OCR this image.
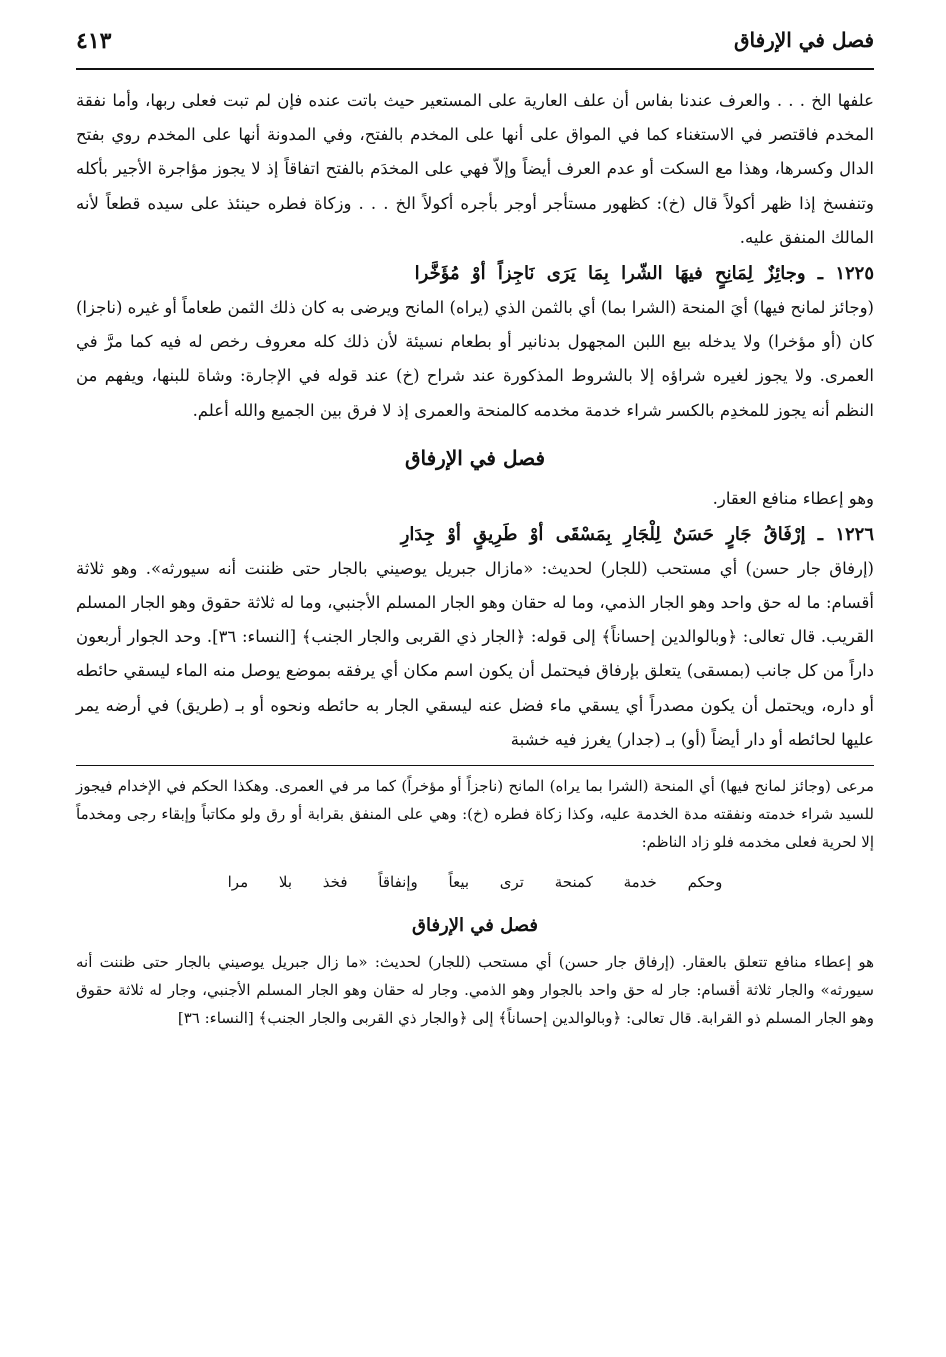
فصل في الإرفاق
٤١٣

علفها الخ . . . والعرف عندنا بفاس أن علف العارية على المستعير حيث باتت عنده فإن لم تبت فعلى ربها، وأما نفقة المخدم فاقتصر في الاستغناء كما في المواق على أنها على المخدم بالفتح، وفي المدونة أنها على المخدم روي بفتح الدال وكسرها، وهذا مع السكت أو عدم العرف أيضاً وإلاّ فهي على المخدَم بالفتح اتفاقاً إذ لا يجوز مؤاجرة الأجير بأكله وتنفسخ إذا ظهر أكولاً قال (خ): كظهور مستأجر أوجر بأجره أكولاً الخ . . . وزكاة فطره حينئذ على سيده قطعاً لأنه المالك المنفق عليه.

١٢٢٥ ـ وجائِزٌ لِمَانِحٍ فيهَا الشّرا بِمَا يَرَى نَاجِزاً أوْ مُؤَخَّرا

(وجائز لمانح فيها) أيَ المنحة (الشرا بما) أي بالثمن الذي (يراه) المانح ويرضى به كان ذلك الثمن طعاماً أو غيره (ناجزا) كان (أو مؤخرا) ولا يدخله بيع اللبن المجهول بدنانير أو بطعام نسيئة لأن ذلك كله معروف رخص له فيه كما مرَّ في العمرى. ولا يجوز لغيره شراؤه إلا بالشروط المذكورة عند شراح (خ) عند قوله في الإجارة: وشاة للبنها، ويفهم من النظم أنه يجوز للمخدِم بالكسر شراء خدمة مخدمه كالمنحة والعمرى إذ لا فرق بين الجميع والله أعلم.

فصل في الإرفاق

وهو إعطاء منافع العقار.

١٢٢٦ ـ إرْفَاقُ جَارٍ حَسَنٌ لِلْجَارِ بِمَسْقَى أوْ طَرِيقٍ أوْ جِدَارِ

(إرفاق جار حسن) أي مستحب (للجار) لحديث: «مازال جبريل يوصيني بالجار حتى ظننت أنه سيورثه». وهو ثلاثة أقسام: ما له حق واحد وهو الجار الذمي، وما له حقان وهو الجار المسلم الأجنبي، وما له ثلاثة حقوق وهو الجار المسلم القريب. قال تعالى: ﴿وبالوالدين إحساناً﴾ إلى قوله: ﴿الجار ذي القربى والجار الجنب﴾ [النساء: ٣٦]. وحد الجوار أربعون داراً من كل جانب (بمسقى) يتعلق بإرفاق فيحتمل أن يكون اسم مكان أي يرفقه بموضع يوصل منه الماء ليسقي حائطه أو داره، ويحتمل أن يكون مصدراً أي يسقي ماء فضل عنه ليسقي الجار به حائطه ونحوه أو بـ (طريق) في أرضه يمر عليها لحائطه أو دار أيضاً (أو) بـ (جدار) يغرز فيه خشبة

مرعى (وجائز لمانح فيها) أي المنحة (الشرا بما يراه) المانح (ناجزاً أو مؤخراً) كما مر في العمرى. وهكذا الحكم في الإخدام فيجوز للسيد شراء خدمته ونفقته مدة الخدمة عليه، وكذا زكاة فطره (خ): وهي على المنفق بقرابة أو رق ولو مكاتباً وإبقاء رجى ومخدماً إلا لحرية فعلى مخدمه فلو زاد الناظم:

وحكم خدمة كمنحة ترى بيعاً وإنفاقاً فخذ بلا مرا

فصل في الإرفاق

هو إعطاء منافع تتعلق بالعقار. (إرفاق جار حسن) أي مستحب (للجار) لحديث: «ما زال جبريل يوصيني بالجار حتى ظننت أنه سيورثه» والجار ثلاثة أقسام: جار له حق واحد بالجوار وهو الذمي. وجار له حقان وهو الجار المسلم الأجنبي، وجار له ثلاثة حقوق وهو الجار المسلم ذو القرابة. قال تعالى: ﴿وبالوالدين إحساناً﴾ إلى ﴿والجار ذي القربى والجار الجنب﴾ [النساء: ٣٦]
